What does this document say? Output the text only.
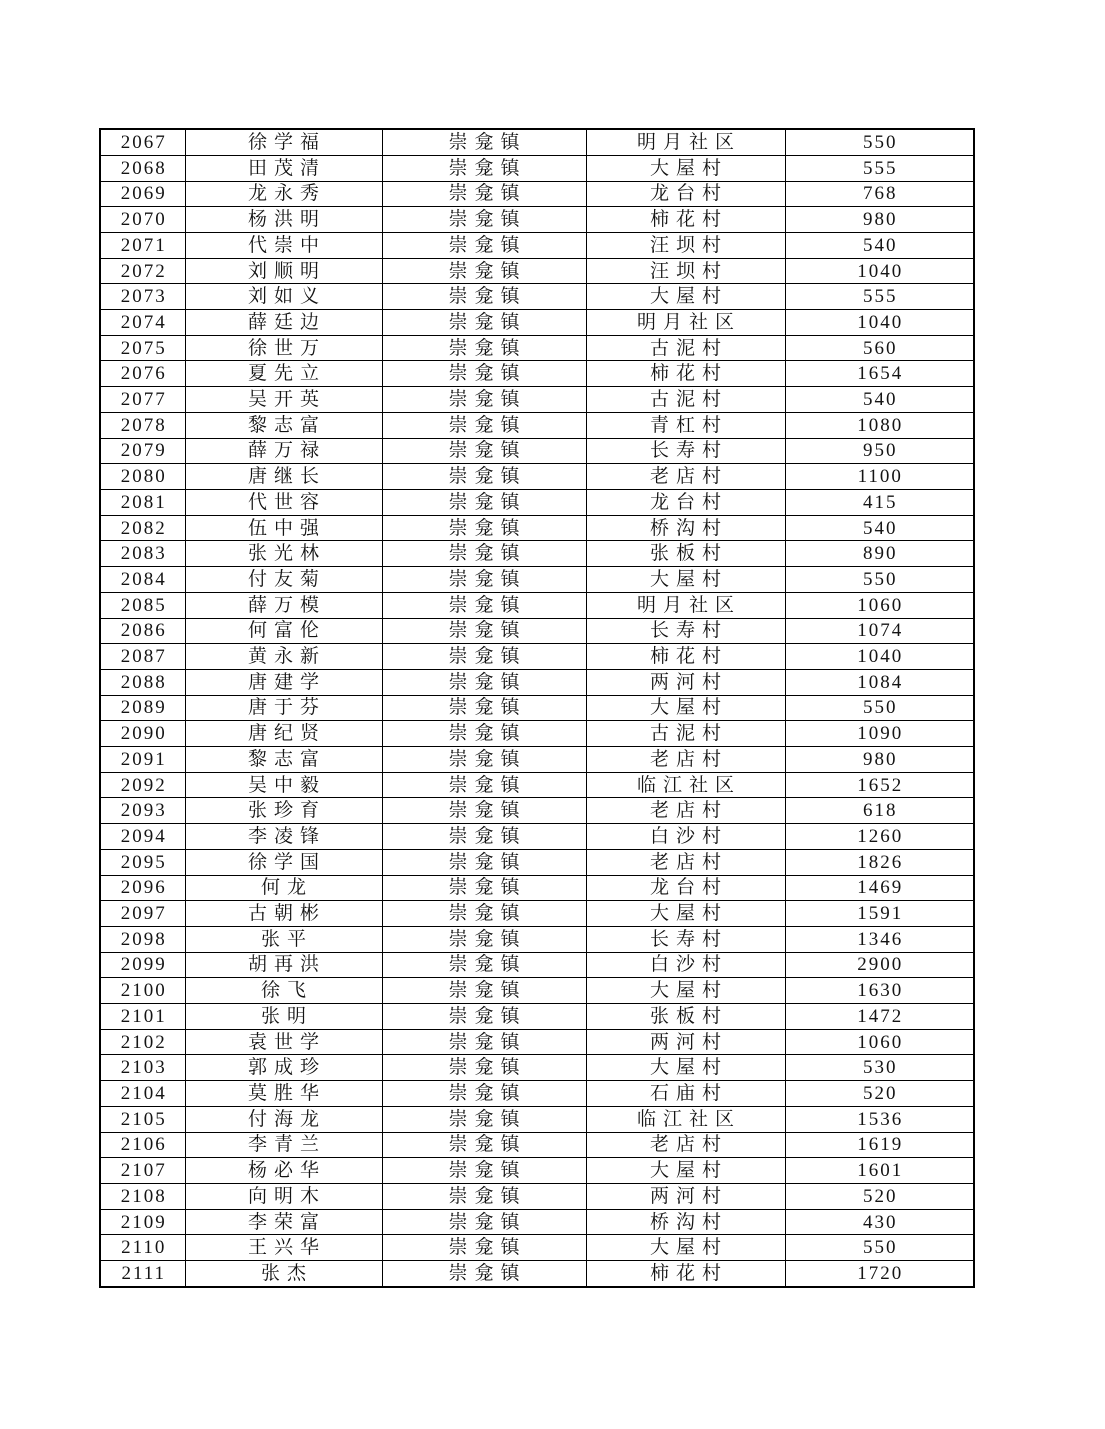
2067	徐学福	崇龛镇	明月社区	550
2068	田茂清	崇龛镇	大屋村	555
2069	龙永秀	崇龛镇	龙台村	768
2070	杨洪明	崇龛镇	柿花村	980
2071	代崇中	崇龛镇	汪坝村	540
2072	刘顺明	崇龛镇	汪坝村	1040
2073	刘如义	崇龛镇	大屋村	555
2074	薛廷边	崇龛镇	明月社区	1040
2075	徐世万	崇龛镇	古泥村	560
2076	夏先立	崇龛镇	柿花村	1654
2077	吴开英	崇龛镇	古泥村	540
2078	黎志富	崇龛镇	青杠村	1080
2079	薛万禄	崇龛镇	长寿村	950
2080	唐继长	崇龛镇	老店村	1100
2081	代世容	崇龛镇	龙台村	415
2082	伍中强	崇龛镇	桥沟村	540
2083	张光林	崇龛镇	张板村	890
2084	付友菊	崇龛镇	大屋村	550
2085	薛万模	崇龛镇	明月社区	1060
2086	何富伦	崇龛镇	长寿村	1074
2087	黄永新	崇龛镇	柿花村	1040
2088	唐建学	崇龛镇	两河村	1084
2089	唐于芬	崇龛镇	大屋村	550
2090	唐纪贤	崇龛镇	古泥村	1090
2091	黎志富	崇龛镇	老店村	980
2092	吴中毅	崇龛镇	临江社区	1652
2093	张珍育	崇龛镇	老店村	618
2094	李凌锋	崇龛镇	白沙村	1260
2095	徐学国	崇龛镇	老店村	1826
2096	何龙	崇龛镇	龙台村	1469
2097	古朝彬	崇龛镇	大屋村	1591
2098	张平	崇龛镇	长寿村	1346
2099	胡再洪	崇龛镇	白沙村	2900
2100	徐飞	崇龛镇	大屋村	1630
2101	张明	崇龛镇	张板村	1472
2102	袁世学	崇龛镇	两河村	1060
2103	郭成珍	崇龛镇	大屋村	530
2104	莫胜华	崇龛镇	石庙村	520
2105	付海龙	崇龛镇	临江社区	1536
2106	李青兰	崇龛镇	老店村	1619
2107	杨必华	崇龛镇	大屋村	1601
2108	向明木	崇龛镇	两河村	520
2109	李荣富	崇龛镇	桥沟村	430
2110	王兴华	崇龛镇	大屋村	550
2111	张杰	崇龛镇	柿花村	1720
